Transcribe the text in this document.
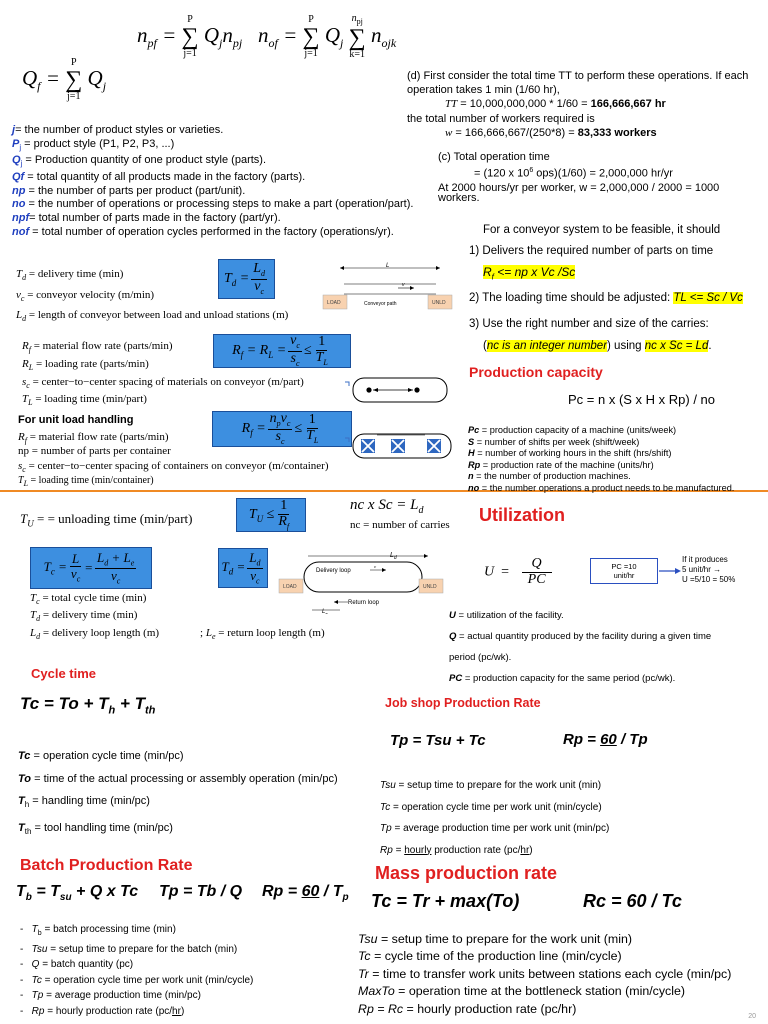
$n_{pf}$ =
P
∑
j=1
$Q_jn_{pj}$ $n_{of}$ =
P
∑
j=1
$Q_j$
$n_{pj}$
∑
k=1
$n_{ojk}$
$Q_f$ =
P
∑
j=1
$Q_j$
j= the number of product styles or varieties.
$P_j$ = product style (P1, P2, P3, ...)
$Q_j$ = Production quantity of one product style (parts).
Qf = total quantity of all products made in the factory (parts).
np = the number of parts per product (part/unit).
no = the number of operations or processing steps to make a part (operation/part).
npf= total number of parts made in the factory (part/yr).
nof = total number of operation cycles performed in the factory (operations/yr).
(d) First consider the total time TT to perform these operations. If each
operation takes 1 min (1/60 hr),
TT = 10,000,000,000 * 1/60 = 166,666,667 hr
the total number of workers required is
w = 166,666,667/(250*8) = 83,333 workers
(c) Total operation time
= (120 x $10^6$ ops)(1/60) = 2,000,000 hr/yr
At 2000 hours/yr per worker, w = 2,000,000 / 2000 = 1000
workers.
$T_d$ = delivery time (min)
$v_c$ = conveyor velocity (m/min)
$L_d$ = length of conveyor between load and unload stations (m)
$T_d = \frac{L_d}{v_c}$	L
v
Conveyor path
LOAD	UNLD
$R_f$ = material flow rate (parts/min)
$R_L$ = loading rate (parts/min)
$s_c$ = center−to−center spacing of materials on conveyor (m/part)
$T_L$ = loading time (min/part)
$R_f = R_L = \frac{v_c}{s_c} \le \frac{1}{T_L}$
For unit load handling
$R_f$ = material flow rate (parts/min)
np = number of parts per container
$s_c$ = center−to−center spacing of containers on conveyor (m/container)
$T_L$ = loading time (min/container)
$R_f = \frac{n_pv_c}{s_c} \le \frac{1}{T_L}$
$T_U$ = = unloading time (min/part)	$T_U \le \frac{1}{R_f}$
For a conveyor system to be feasible, it should
1) Delivers the required number of parts on time
$R_f$ <= np x Vc /Sc
2) The loading time should be adjusted: TL <= Sc / Vc
3) Use the right number and size of the carries:
(nc is an integer number) using nc x Sc = Ld.
Production capacity
Pc = n x (S x H x Rp) / no
Pc = production capacity of a machine (units/week)
S = number of shifts per week (shift/week)
H = number of working hours in the shift (hrs/shift)
Rp = production rate of the machine (units/hr)
n = the number of production machines.
no = the number operations a product needs to be manufactured.
nc x $Sc = L_d$
nc = number of carries Utilization
$U = \frac{Q}{PC}$	PC =10
unit/hr
If it produces
5 unit/hr →
U =5/10 = 50%
U = utilization of the facility.
Q = actual quantity produced by the facility during a given time
period (pc/wk).
PC = production capacity for the same period (pc/wk).
$T_c = \frac{L}{v_c} = \frac{L_d + L_e}{v_c}$	$T_d = \frac{L_d}{v_c}$	$L_d$
Delivery loop
v
Return loop
$L_e$
LOAD	UNLD
$T_c$ = total cycle time (min)
$T_d$ = delivery time (min)
$L_d$ = delivery loop length (m)	; $L_e$ = return loop length (m)
Cycle time
$Tc = To + T_h + T_{th}$
Tc = operation cycle time (min/pc)
To = time of the actual processing or assembly operation (min/pc)
$T_h$ = handling time (min/pc)
$T_{th}$ = tool handling time (min/pc)
Job shop Production Rate
Tp = Tsu + Tc	Rp = 60 / Tp
Tsu = setup time to prepare for the work unit (min)
Tc = operation cycle time per work unit (min/cycle)
Tp = average production time per work unit (min/pc)
Rp = hourly production rate (pc/hr)
Batch Production Rate
$T_b = T_{su} + Q$ x Tc Tp = Tb / Q $Rp = 60 / T_p$
-   $T_b$ = batch processing time (min)
-   Tsu = setup time to prepare for the batch (min)
-   Q = batch quantity (pc)
-   Tc = operation cycle time per work unit (min/cycle)
-   Tp = average production time (min/pc)
-   Rp = hourly production rate (pc/hr)
Mass production rate
Tc = Tr + max(To)	Rc = 60 / Tc
Tsu = setup time to prepare for the work unit (min)
Tc = cycle time of the production line (min/cycle)
Tr = time to transfer work units between stations each cycle (min/pc)
MaxTo = operation time at the bottleneck station (min/cycle)
Rp = Rc = hourly production rate (pc/hr)
20
